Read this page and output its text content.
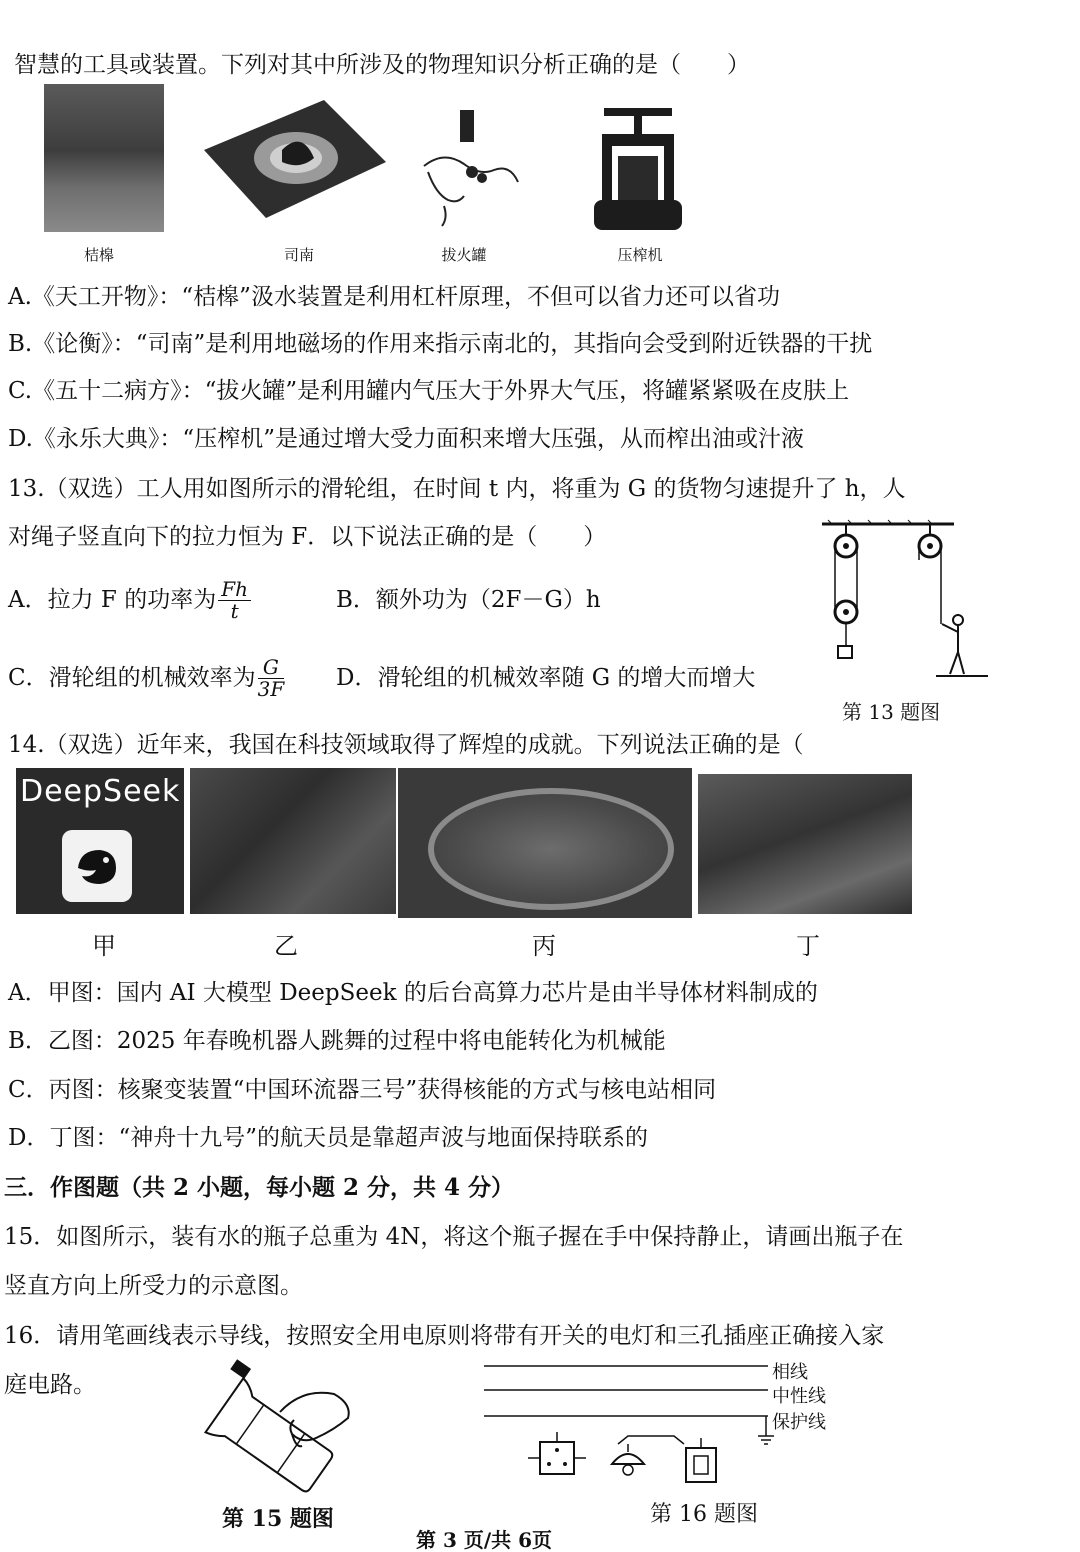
智慧的工具或装置。下列对其中所涉及的物理知识分析正确的是（　　）
桔槔	司南	拔火罐	压榨机
A.《天工开物》：“桔槔”汲水装置是利用杠杆原理，不但可以省力还可以省功
B.《论衡》：“司南”是利用地磁场的作用来指示南北的，其指向会受到附近铁器的干扰
C.《五十二病方》：“拔火罐”是利用罐内气压大于外界大气压，将罐紧紧吸在皮肤上
D.《永乐大典》：“压榨机”是通过增大受力面积来增大压强，从而榨出油或汁液
13.（双选）工人用如图所示的滑轮组，在时间 t 内，将重为 G 的货物匀速提升了 h，人
对绳子竖直向下的拉力恒为 F．以下说法正确的是（　　）
A．拉力 F 的功率为 $\frac{Fh}{t}$	B．额外功为（2F－G）h
C．滑轮组的机械效率为 $\frac{G}{3F}$ D．滑轮组的机械效率随 G 的增大而增大
第 13 题图
14.（双选）近年来，我国在科技领域取得了辉煌的成就。下列说法正确的是（
DeepSeek
甲	乙	丙	丁
A．甲图：国内 AI 大模型 DeepSeek 的后台高算力芯片是由半导体材料制成的
B．乙图：2025 年春晚机器人跳舞的过程中将电能转化为机械能
C．丙图：核聚变装置“中国环流器三号”获得核能的方式与核电站相同
D．丁图：“神舟十九号”的航天员是靠超声波与地面保持联系的
三．作图题（共 2 小题，每小题 2 分，共 4 分）
15．如图所示，装有水的瓶子总重为 4N，将这个瓶子握在手中保持静止，请画出瓶子在
竖直方向上所受力的示意图。
16．请用笔画线表示导线，按照安全用电原则将带有开关的电灯和三孔插座正确接入家
庭电路。
第 15 题图
相线
中性线
保护线
第 16 题图
第 3 页/共 6页
